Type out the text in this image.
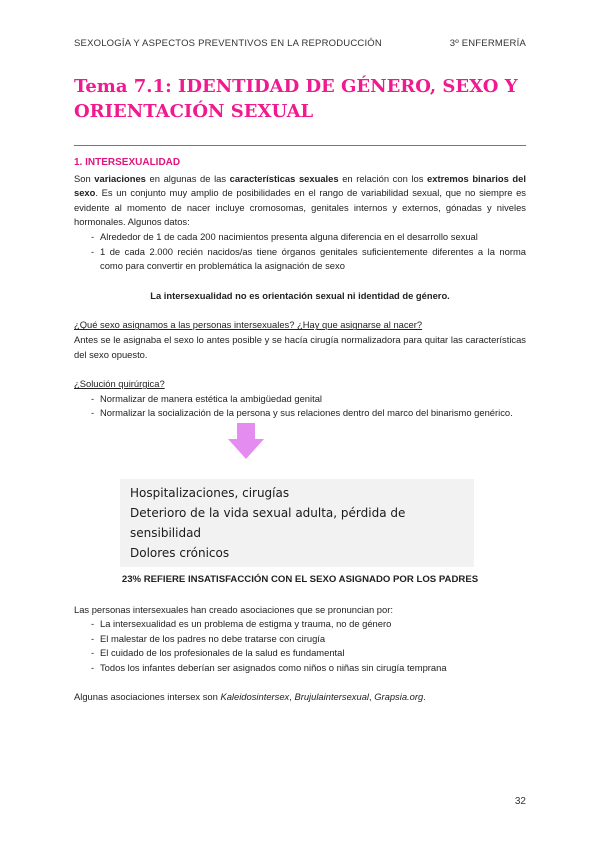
SEXOLOGÍA Y ASPECTOS PREVENTIVOS EN LA REPRODUCCIÓN	3º ENFERMERÍA
Tema 7.1: IDENTIDAD DE GÉNERO, SEXO Y
ORIENTACIÓN SEXUAL
1. INTERSEXUALIDAD

Son variaciones en algunas de las características sexuales en relación con los extremos binarios del sexo. Es un conjunto muy amplio de posibilidades en el rango de variabilidad sexual, que no siempre es evidente al momento de nacer incluye cromosomas, genitales internos y externos, gónadas y niveles hormonales. Algunos datos:

- Alrededor de 1 de cada 200 nacimientos presenta alguna diferencia en el desarrollo sexual
- 1 de cada 2.000 recién nacidos/as tiene órganos genitales suficientemente diferentes a la norma como para convertir en problemática la asignación de sexo

La intersexualidad no es orientación sexual ni identidad de género.

¿Qué sexo asignamos a las personas intersexuales? ¿Hay que asignarse al nacer?

Antes se le asignaba el sexo lo antes posible y se hacía cirugía normalizadora para quitar las características del sexo opuesto.

¿Solución quirúrgica?

- Normalizar de manera estética la ambigüedad genital
- Normalizar la socialización de la persona y sus relaciones dentro del marco del binarismo genérico.
Hospitalizaciones, cirugías
Deterioro de la vida sexual adulta, pérdida de sensibilidad
Dolores crónicos

23% REFIERE INSATISFACCIÓN CON EL SEXO ASIGNADO POR LOS PADRES

Las personas intersexuales han creado asociaciones que se pronuncian por:

- La intersexualidad es un problema de estigma y trauma, no de género
- El malestar de los padres no debe tratarse con cirugía
- El cuidado de los profesionales de la salud es fundamental
- Todos los infantes deberían ser asignados como niños o niñas sin cirugía temprana

Algunas asociaciones intersex son Kaleidosintersex, Brujulaintersexual, Grapsia.org.

32
